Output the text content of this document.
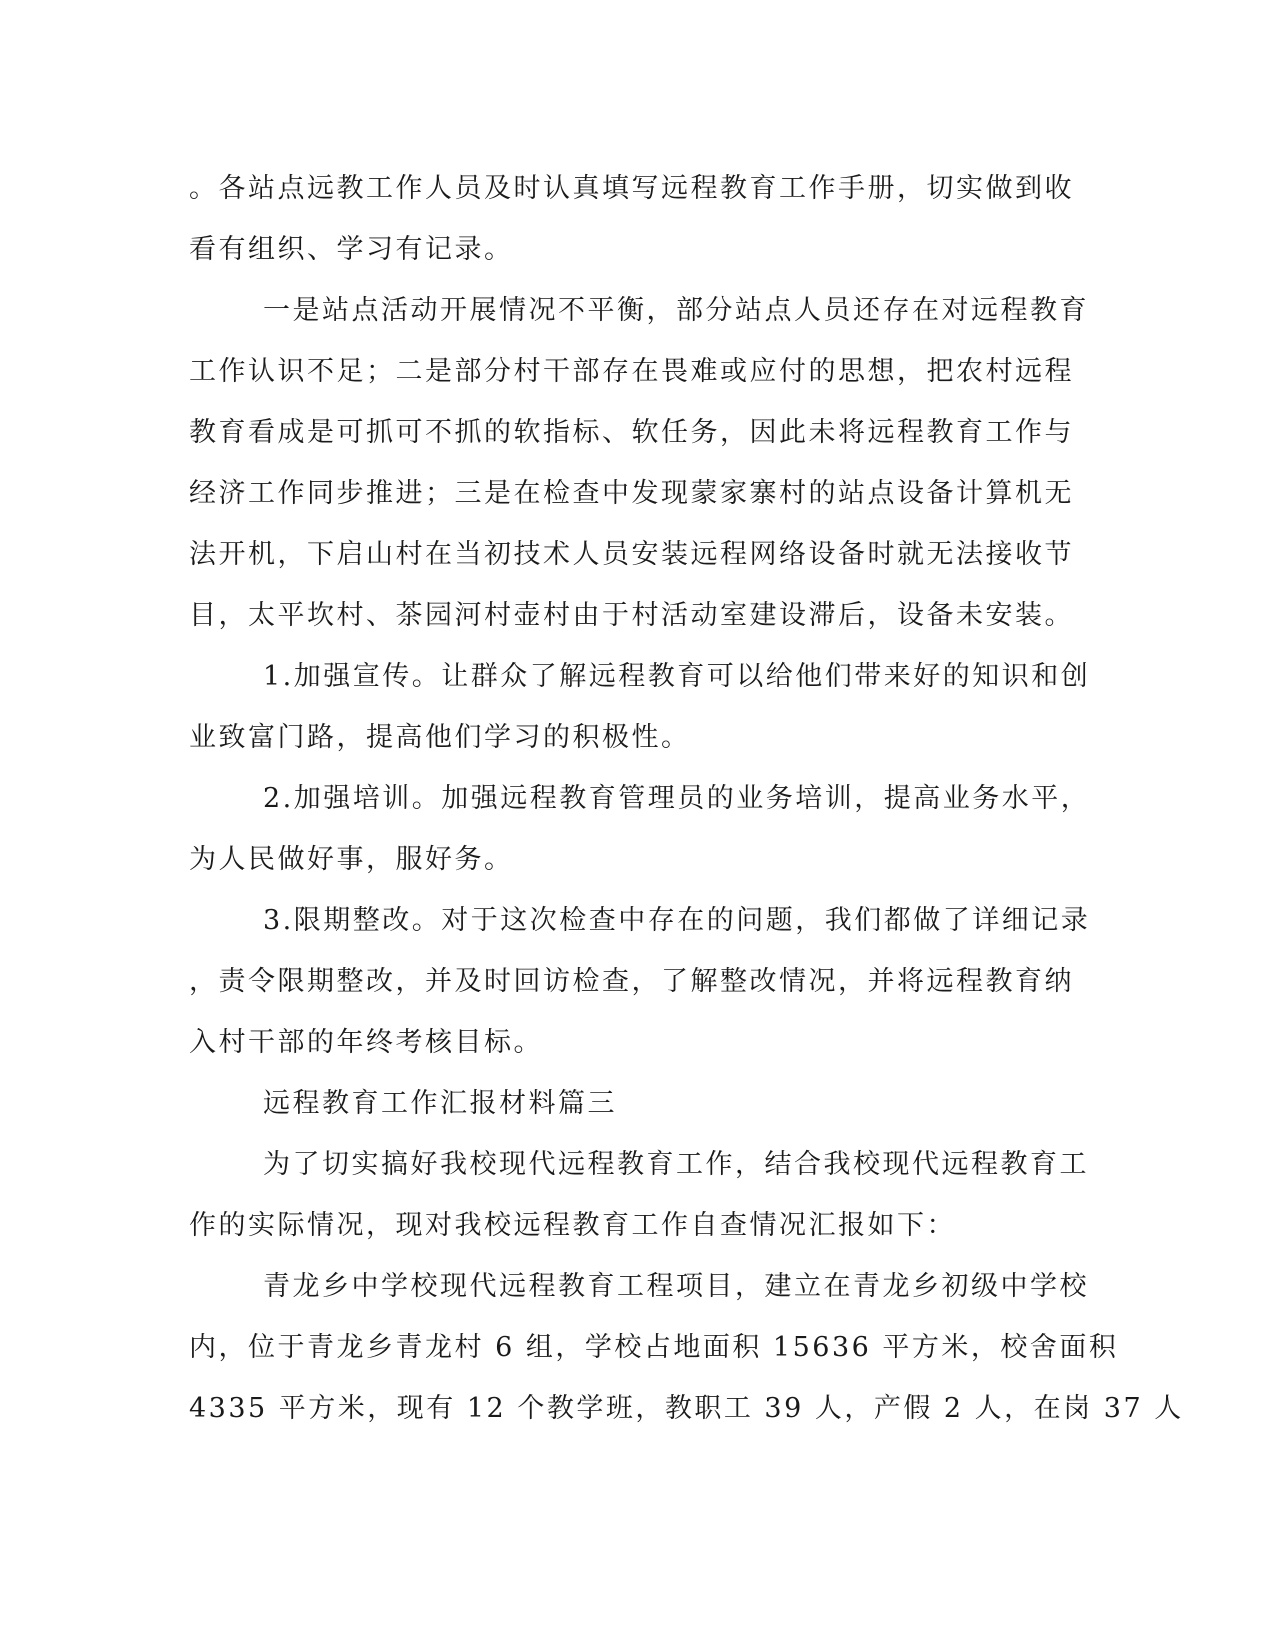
。各站点远教工作人员及时认真填写远程教育工作手册，切实做到收
看有组织、学习有记录。
一是站点活动开展情况不平衡，部分站点人员还存在对远程教育
工作认识不足；二是部分村干部存在畏难或应付的思想，把农村远程
教育看成是可抓可不抓的软指标、软任务，因此未将远程教育工作与
经济工作同步推进；三是在检查中发现蒙家寨村的站点设备计算机无
法开机，下启山村在当初技术人员安装远程网络设备时就无法接收节
目，太平坎村、茶园河村壶村由于村活动室建设滞后，设备未安装。
1.加强宣传。让群众了解远程教育可以给他们带来好的知识和创
业致富门路，提高他们学习的积极性。
2.加强培训。加强远程教育管理员的业务培训，提高业务水平，
为人民做好事，服好务。
3.限期整改。对于这次检查中存在的问题，我们都做了详细记录
，责令限期整改，并及时回访检查，了解整改情况，并将远程教育纳
入村干部的年终考核目标。
远程教育工作汇报材料篇三
为了切实搞好我校现代远程教育工作，结合我校现代远程教育工
作的实际情况，现对我校远程教育工作自查情况汇报如下：
青龙乡中学校现代远程教育工程项目，建立在青龙乡初级中学校
内，位于青龙乡青龙村 6 组，学校占地面积 15636 平方米，校舍面积
4335 平方米，现有 12 个教学班，教职工 39 人，产假 2 人，在岗 37 人
